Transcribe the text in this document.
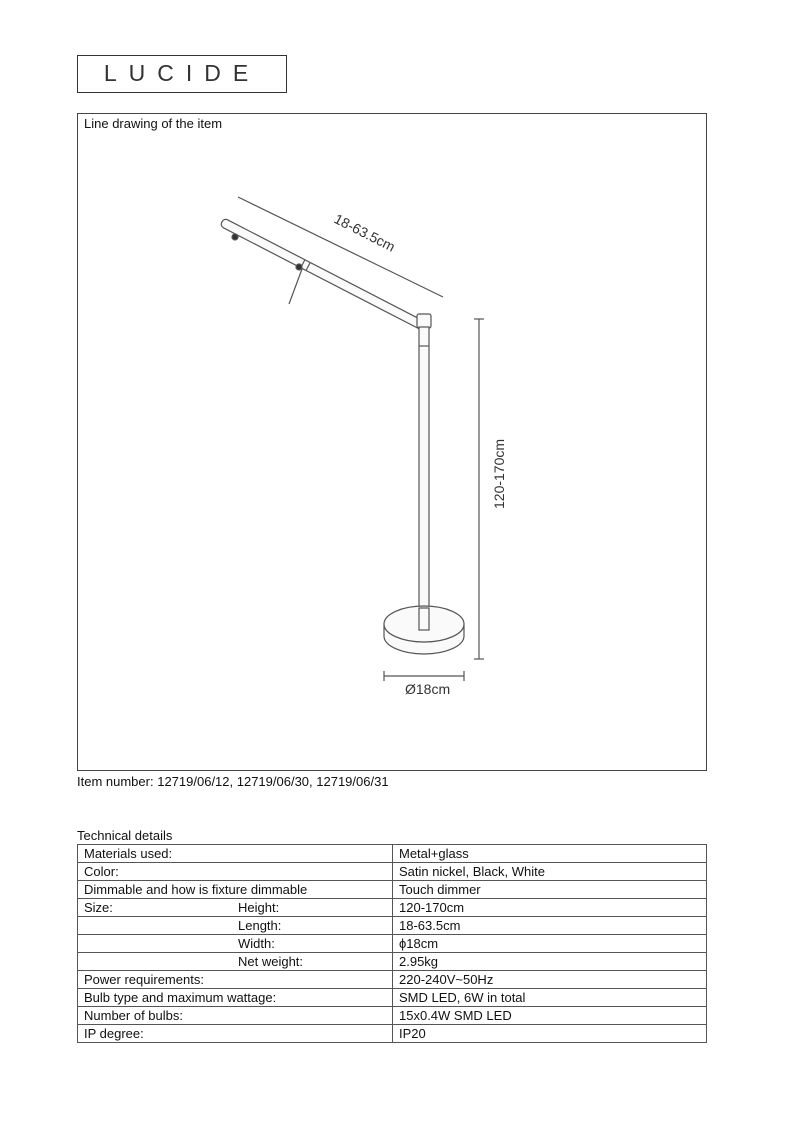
LUCIDE
Line drawing of the item
18-63.5cm
120-170cm
Ø18cm
Item number: 12719/06/12, 12719/06/30, 12719/06/31
Technical details
Materials used:	Metal+glass
Color:	Satin nickel, Black, White
Dimmable and how is fixture dimmable	Touch dimmer
Size: Height:	120-170cm

Length:	18-63.5cm

Width:	ϕ18cm

Net weight:	2.95kg
Power requirements:	220-240V~50Hz
Bulb type and maximum wattage:	SMD LED, 6W in total
Number of bulbs:	15x0.4W SMD LED
IP degree:	IP20
